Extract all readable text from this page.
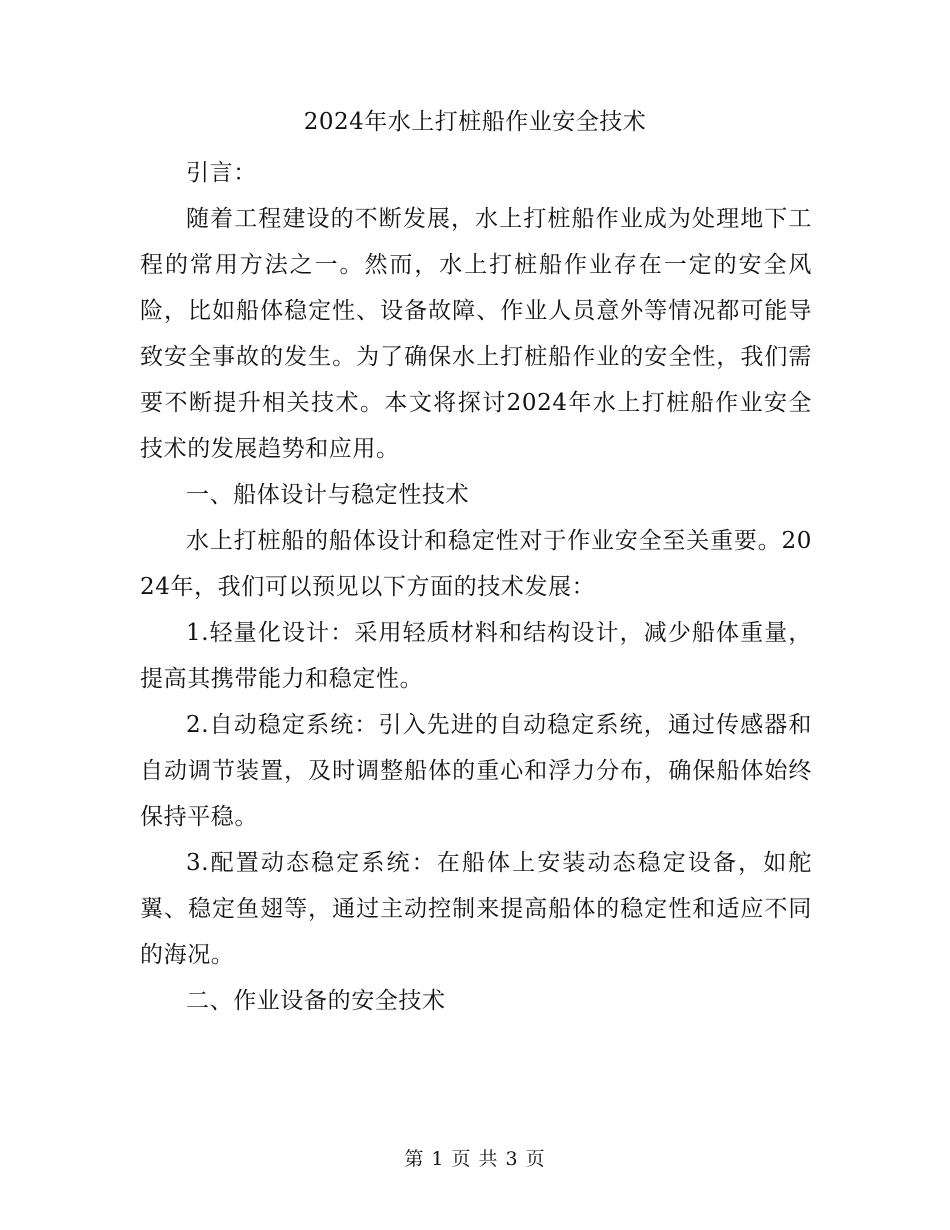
2024年水上打桩船作业安全技术

引言：

随着工程建设的不断发展，水上打桩船作业成为处理地下工程的常用方法之一。然而，水上打桩船作业存在一定的安全风险，比如船体稳定性、设备故障、作业人员意外等情况都可能导致安全事故的发生。为了确保水上打桩船作业的安全性，我们需要不断提升相关技术。本文将探讨2024年水上打桩船作业安全技术的发展趋势和应用。

一、船体设计与稳定性技术

水上打桩船的船体设计和稳定性对于作业安全至关重要。2024年，我们可以预见以下方面的技术发展：

1.轻量化设计：采用轻质材料和结构设计，减少船体重量，提高其携带能力和稳定性。

2.自动稳定系统：引入先进的自动稳定系统，通过传感器和自动调节装置，及时调整船体的重心和浮力分布，确保船体始终保持平稳。

3.配置动态稳定系统：在船体上安装动态稳定设备，如舵翼、稳定鱼翅等，通过主动控制来提高船体的稳定性和适应不同的海况。

二、作业设备的安全技术

第 1 页 共 3 页
